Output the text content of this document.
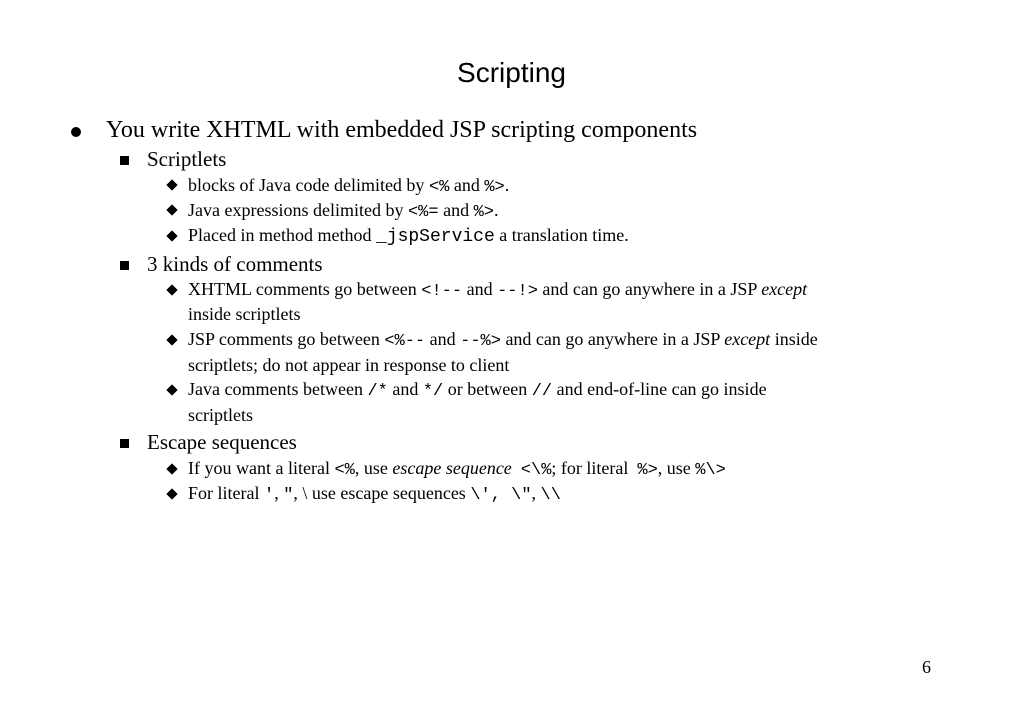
Scripting
You write XHTML with embedded JSP scripting components
Scriptlets
blocks of Java code delimited by <% and %>.
Java expressions delimited by <%= and %>.
Placed in method method _jspService a translation time.
3 kinds of comments
XHTML comments go between <!-- and --!> and can go anywhere in a JSP except
inside scriptlets
JSP comments go between <%-- and --%> and can go anywhere in a JSP except inside
scriptlets; do not appear in response to client
Java comments between /* and */ or between // and end-of-line can go inside
scriptlets
Escape sequences
If you want a literal <%, use escape sequence <\%; for literal  %>, use %\>
For literal ', ", \ use escape sequences \', \", \\
6
